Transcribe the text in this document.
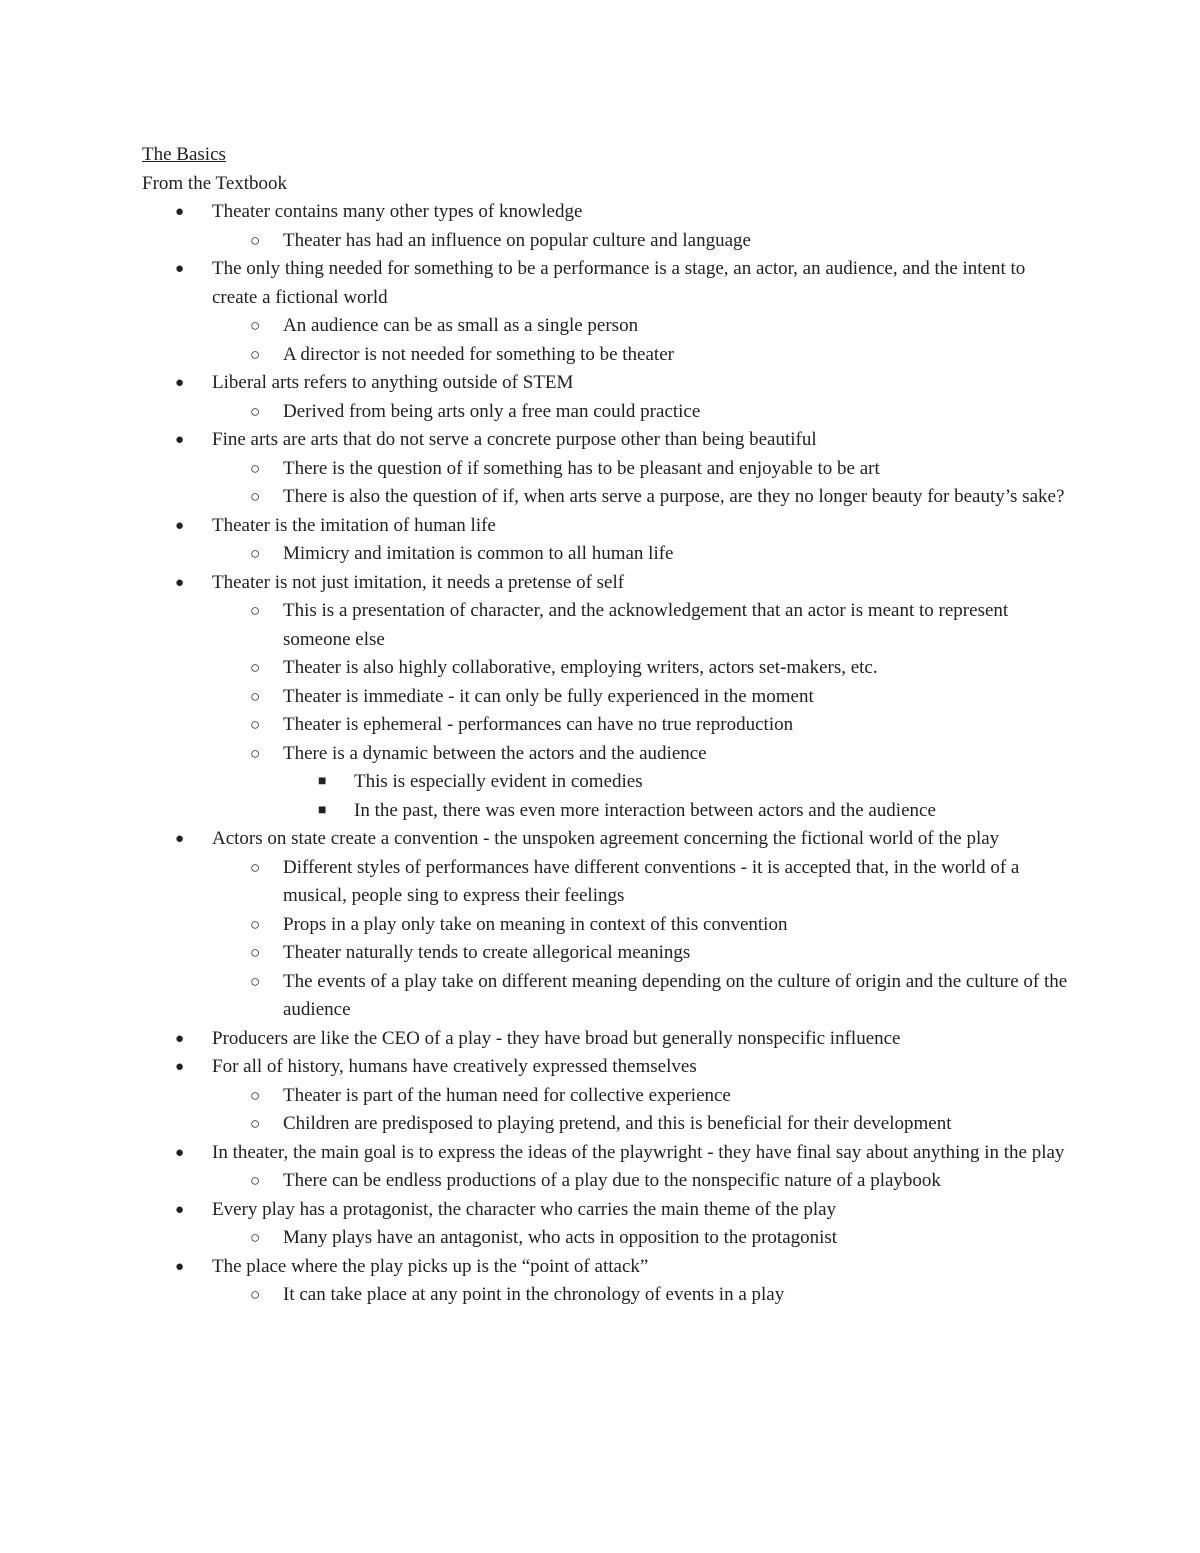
The Basics
From the Textbook
● Theater contains many other types of knowledge
○ Theater has had an influence on popular culture and language
● The only thing needed for something to be a performance is a stage, an actor, an audience, and the intent to create a fictional world
○ An audience can be as small as a single person
○ A director is not needed for something to be theater
● Liberal arts refers to anything outside of STEM
○ Derived from being arts only a free man could practice
● Fine arts are arts that do not serve a concrete purpose other than being beautiful
○ There is the question of if something has to be pleasant and enjoyable to be art
○ There is also the question of if, when arts serve a purpose, are they no longer beauty for beauty’s sake?
● Theater is the imitation of human life
○ Mimicry and imitation is common to all human life
● Theater is not just imitation, it needs a pretense of self
○ This is a presentation of character, and the acknowledgement that an actor is meant to represent someone else
○ Theater is also highly collaborative, employing writers, actors set-makers, etc.
○ Theater is immediate - it can only be fully experienced in the moment
○ Theater is ephemeral - performances can have no true reproduction
○ There is a dynamic between the actors and the audience
■ This is especially evident in comedies
■ In the past, there was even more interaction between actors and the audience
● Actors on state create a convention - the unspoken agreement concerning the fictional world of the play
○ Different styles of performances have different conventions - it is accepted that, in the world of a musical, people sing to express their feelings
○ Props in a play only take on meaning in context of this convention
○ Theater naturally tends to create allegorical meanings
○ The events of a play take on different meaning depending on the culture of origin and the culture of the audience
● Producers are like the CEO of a play - they have broad but generally nonspecific influence
● For all of history, humans have creatively expressed themselves
○ Theater is part of the human need for collective experience
○ Children are predisposed to playing pretend, and this is beneficial for their development
● In theater, the main goal is to express the ideas of the playwright - they have final say about anything in the play
○ There can be endless productions of a play due to the nonspecific nature of a playbook
● Every play has a protagonist, the character who carries the main theme of the play
○ Many plays have an antagonist, who acts in opposition to the protagonist
● The place where the play picks up is the “point of attack”
○ It can take place at any point in the chronology of events in a play
